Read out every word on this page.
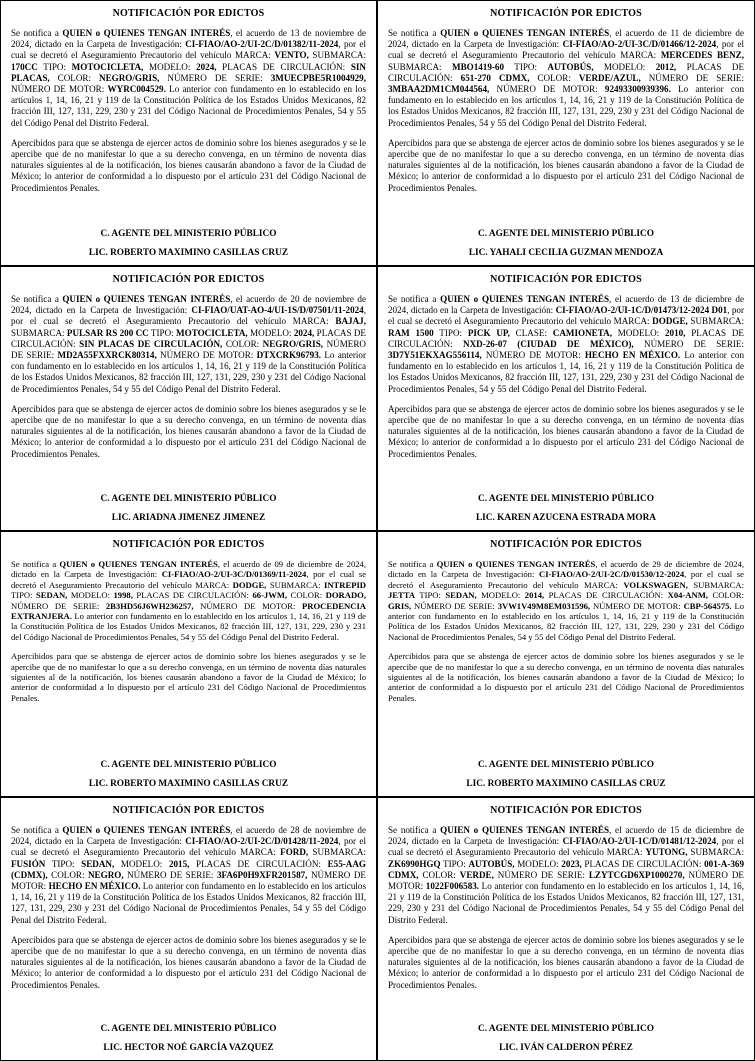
NOTIFICACIÓN POR EDICTOS
Se notifica a QUIEN o QUIENES TENGAN INTERÉS, el acuerdo de 13 de noviembre de 2024, dictado en la Carpeta de Investigación: CI-FIAO/AO-2/UI-2C/D/01382/11-2024, por el cual se decretó el Aseguramiento Precautorio del vehículo MARCA: VENTO, SUBMARCA: 170CC TIPO: MOTOCICLETA, MODELO: 2024, PLACAS DE CIRCULACIÓN: SIN PLACAS, COLOR: NEGRO/GRIS, NÚMERO DE SERIE: 3MUECPBE5R1004929, NÚMERO DE MOTOR: WYRC004529. Lo anterior con fundamento en lo establecido en los artículos 1, 14, 16, 21 y 119 de la Constitución Política de los Estados Unidos Mexicanos, 82 fracción III, 127, 131, 229, 230 y 231 del Código Nacional de Procedimientos Penales, 54 y 55 del Código Penal del Distrito Federal.
Apercibidos para que se abstenga de ejercer actos de dominio sobre los bienes asegurados y se le apercibe que de no manifestar lo que a su derecho convenga, en un término de noventa días naturales siguientes al de la notificación, los bienes causarán abandono a favor de la Ciudad de México; lo anterior de conformidad a lo dispuesto por el artículo 231 del Código Nacional de Procedimientos Penales.
C. AGENTE DEL MINISTERIO PÚBLICO
LIC. ROBERTO MAXIMINO CASILLAS CRUZ
NOTIFICACIÓN POR EDICTOS
Se notifica a QUIEN o QUIENES TENGAN INTERÉS, el acuerdo de 11 de diciembre de 2024, dictado en la Carpeta de Investigación: CI-FIAO/AO-2/UI-3C/D/01466/12-2024, por el cual se decretó el Aseguramiento Precautorio del vehículo MARCA: MERCEDES BENZ, SUBMARCA: MBO1419-60 TIPO: AUTOBÚS, MODELO: 2012, PLACAS DE CIRCULACIÓN: 651-270 CDMX, COLOR: VERDE/AZUL, NÚMERO DE SERIE: 3MBAA2DM1CM044564, NÚMERO DE MOTOR: 92493300939396. Lo anterior con fundamento en lo establecido en los artículos 1, 14, 16, 21 y 119 de la Constitución Política de los Estados Unidos Mexicanos, 82 fracción III, 127, 131, 229, 230 y 231 del Código Nacional de Procedimientos Penales, 54 y 55 del Código Penal del Distrito Federal.
Apercibidos para que se abstenga de ejercer actos de dominio sobre los bienes asegurados y se le apercibe que de no manifestar lo que a su derecho convenga, en un término de noventa días naturales siguientes al de la notificación, los bienes causarán abandono a favor de la Ciudad de México; lo anterior de conformidad a lo dispuesto por el artículo 231 del Código Nacional de Procedimientos Penales.
C. AGENTE DEL MINISTERIO PÚBLICO
LIC. YAHALI CECILIA GUZMAN MENDOZA
NOTIFICACIÓN POR EDICTOS
Se notifica a QUIEN o QUIENES TENGAN INTERÉS, el acuerdo de 20 de noviembre de 2024, dictado en la Carpeta de Investigación: CI-FIAO/UAT-AO-4/UI-1S/D/07501/11-2024, por el cual se decretó el Aseguramiento Precautorio del vehículo MARCA: BAJAJ, SUBMARCA: PULSAR RS 200 CC TIPO: MOTOCICLETA, MODELO: 2024, PLACAS DE CIRCULACIÓN: SIN PLACAS DE CIRCULACIÓN, COLOR: NEGRO/GRIS, NÚMERO DE SERIE: MD2A55FXXRCK80314, NÚMERO DE MOTOR: DTXCRK96793. Lo anterior con fundamento en lo establecido en los artículos 1, 14, 16, 21 y 119 de la Constitución Política de los Estados Unidos Mexicanos, 82 fracción III, 127, 131, 229, 230 y 231 del Código Nacional de Procedimientos Penales, 54 y 55 del Código Penal del Distrito Federal.
Apercibidos para que se abstenga de ejercer actos de dominio sobre los bienes asegurados y se le apercibe que de no manifestar lo que a su derecho convenga, en un término de noventa días naturales siguientes al de la notificación, los bienes causarán abandono a favor de la Ciudad de México; lo anterior de conformidad a lo dispuesto por el artículo 231 del Código Nacional de Procedimientos Penales.
C. AGENTE DEL MINISTERIO PÚBLICO
LIC. ARIADNA JIMENEZ JIMENEZ
NOTIFICACIÓN POR EDICTOS
Se notifica a QUIEN o QUIENES TENGAN INTERÉS, el acuerdo de 13 de diciembre de 2024, dictado en la Carpeta de Investigación: CI-FIAO/AO-2/UI-1C/D/01473/12-2024 D01, por el cual se decretó el Aseguramiento Precautorio del vehículo MARCA: DODGE, SUBMARCA: RAM 1500 TIPO: PICK UP, CLASE: CAMIONETA, MODELO: 2010, PLACAS DE CIRCULACIÓN: NXD-26-07 (CIUDAD DE MÉXICO), NÚMERO DE SERIE: 3D7Y51EKXAG556114, NÚMERO DE MOTOR: HECHO EN MÉXICO. Lo anterior con fundamento en lo establecido en los artículos 1, 14, 16, 21 y 119 de la Constitución Política de los Estados Unidos Mexicanos, 82 fracción III, 127, 131, 229, 230 y 231 del Código Nacional de Procedimientos Penales, 54 y 55 del Código Penal del Distrito Federal.
Apercibidos para que se abstenga de ejercer actos de dominio sobre los bienes asegurados y se le apercibe que de no manifestar lo que a su derecho convenga, en un término de noventa días naturales siguientes al de la notificación, los bienes causarán abandono a favor de la Ciudad de México; lo anterior de conformidad a lo dispuesto por el artículo 231 del Código Nacional de Procedimientos Penales.
C. AGENTE DEL MINISTERIO PÚBLICO
LIC. KAREN AZUCENA ESTRADA MORA
NOTIFICACIÓN POR EDICTOS
Se notifica a QUIEN o QUIENES TENGAN INTERÉS, el acuerdo de 09 de diciembre de 2024, dictado en la Carpeta de Investigación: CI-FIAO/AO-2/UI-3C/D/01369/11-2024, por el cual se decretó el Aseguramiento Precautorio del vehículo MARCA: DODGE, SUBMARCA: INTREPID TIPO: SEDAN, MODELO: 1998, PLACAS DE CIRCULACIÓN: 66-JWM, COLOR: DORADO, NÚMERO DE SERIE: 2B3HD56J6WH236257, NÚMERO DE MOTOR: PROCEDENCIA EXTRANJERA. Lo anterior con fundamento en lo establecido en los artículos 1, 14, 16, 21 y 119 de la Constitución Política de los Estados Unidos Mexicanos, 82 fracción III, 127, 131, 229, 230 y 231 del Código Nacional de Procedimientos Penales, 54 y 55 del Código Penal del Distrito Federal.
Apercibidos para que se abstenga de ejercer actos de dominio sobre los bienes asegurados y se le apercibe que de no manifestar lo que a su derecho convenga, en un término de noventa días naturales siguientes al de la notificación, los bienes causarán abandono a favor de la Ciudad de México; lo anterior de conformidad a lo dispuesto por el artículo 231 del Código Nacional de Procedimientos Penales.
C. AGENTE DEL MINISTERIO PÚBLICO
LIC. ROBERTO MAXIMINO CASILLAS CRUZ
NOTIFICACIÓN POR EDICTOS
Se notifica a QUIEN o QUIENES TENGAN INTERÉS, el acuerdo de 29 de diciembre de 2024, dictado en la Carpeta de Investigación: CI-FIAO/AO-2/UI-2C/D/01530/12-2024, por el cual se decretó el Aseguramiento Precautorio del vehículo MARCA: VOLKSWAGEN, SUBMARCA: JETTA TIPO: SEDAN, MODELO: 2014, PLACAS DE CIRCULACIÓN: X04-ANM, COLOR: GRIS, NÚMERO DE SERIE: 3VW1V49M8EM031596, NÚMERO DE MOTOR: CBP-564575. Lo anterior con fundamento en lo establecido en los artículos 1, 14, 16, 21 y 119 de la Constitución Política de los Estados Unidos Mexicanos, 82 fracción III, 127, 131, 229, 230 y 231 del Código Nacional de Procedimientos Penales, 54 y 55 del Código Penal del Distrito Federal.
Apercibidos para que se abstenga de ejercer actos de dominio sobre los bienes asegurados y se le apercibe que de no manifestar lo que a su derecho convenga, en un término de noventa días naturales siguientes al de la notificación, los bienes causarán abandono a favor de la Ciudad de México; lo anterior de conformidad a lo dispuesto por el artículo 231 del Código Nacional de Procedimientos Penales.
C. AGENTE DEL MINISTERIO PÚBLICO
LIC. ROBERTO MAXIMINO CASILLAS CRUZ
NOTIFICACIÓN POR EDICTOS
Se notifica a QUIEN o QUIENES TENGAN INTERÉS, el acuerdo de 28 de noviembre de 2024, dictado en la Carpeta de Investigación: CI-FIAO/AO-2/UI-2C/D/01428/11-2024, por el cual se decretó el Aseguramiento Precautorio del vehículo MARCA: FORD, SUBMARCA: FUSIÓN TIPO: SEDAN, MODELO: 2015, PLACAS DE CIRCULACIÓN: E55-AAG (CDMX), COLOR: NEGRO, NÚMERO DE SERIE: 3FA6P0H9XFR201587, NÚMERO DE MOTOR: HECHO EN MÉXICO. Lo anterior con fundamento en lo establecido en los artículos 1, 14, 16, 21 y 119 de la Constitución Política de los Estados Unidos Mexicanos, 82 fracción III, 127, 131, 229, 230 y 231 del Código Nacional de Procedimientos Penales, 54 y 55 del Código Penal del Distrito Federal.
Apercibidos para que se abstenga de ejercer actos de dominio sobre los bienes asegurados y se le apercibe que de no manifestar lo que a su derecho convenga, en un término de noventa días naturales siguientes al de la notificación, los bienes causarán abandono a favor de la Ciudad de México; lo anterior de conformidad a lo dispuesto por el artículo 231 del Código Nacional de Procedimientos Penales.
C. AGENTE DEL MINISTERIO PÚBLICO
LIC. HECTOR NOÉ GARCÍA VAZQUEZ
NOTIFICACIÓN POR EDICTOS
Se notifica a QUIEN o QUIENES TENGAN INTERÉS, el acuerdo de 15 de diciembre de 2024, dictado en la Carpeta de Investigación: CI-FIAO/AO-2/UI-1C/D/01481/12-2024, por el cual se decretó el Aseguramiento Precautorio del vehículo MARCA: YUTONG, SUBMARCA: ZK6990HGQ TIPO: AUTOBÚS, MODELO: 2023, PLACAS DE CIRCULACIÓN: 001-A-369 CDMX, COLOR: VERDE, NÚMERO DE SERIE: LZYTCGD6XP1000270, NÚMERO DE MOTOR: 1022F006583. Lo anterior con fundamento en lo establecido en los artículos 1, 14, 16, 21 y 119 de la Constitución Política de los Estados Unidos Mexicanos, 82 fracción III, 127, 131, 229, 230 y 231 del Código Nacional de Procedimientos Penales, 54 y 55 del Código Penal del Distrito Federal.
Apercibidos para que se abstenga de ejercer actos de dominio sobre los bienes asegurados y se le apercibe que de no manifestar lo que a su derecho convenga, en un término de noventa días naturales siguientes al de la notificación, los bienes causarán abandono a favor de la Ciudad de México; lo anterior de conformidad a lo dispuesto por el artículo 231 del Código Nacional de Procedimientos Penales.
C. AGENTE DEL MINISTERIO PÚBLICO
LIC. IVÁN CALDERON PÉREZ
